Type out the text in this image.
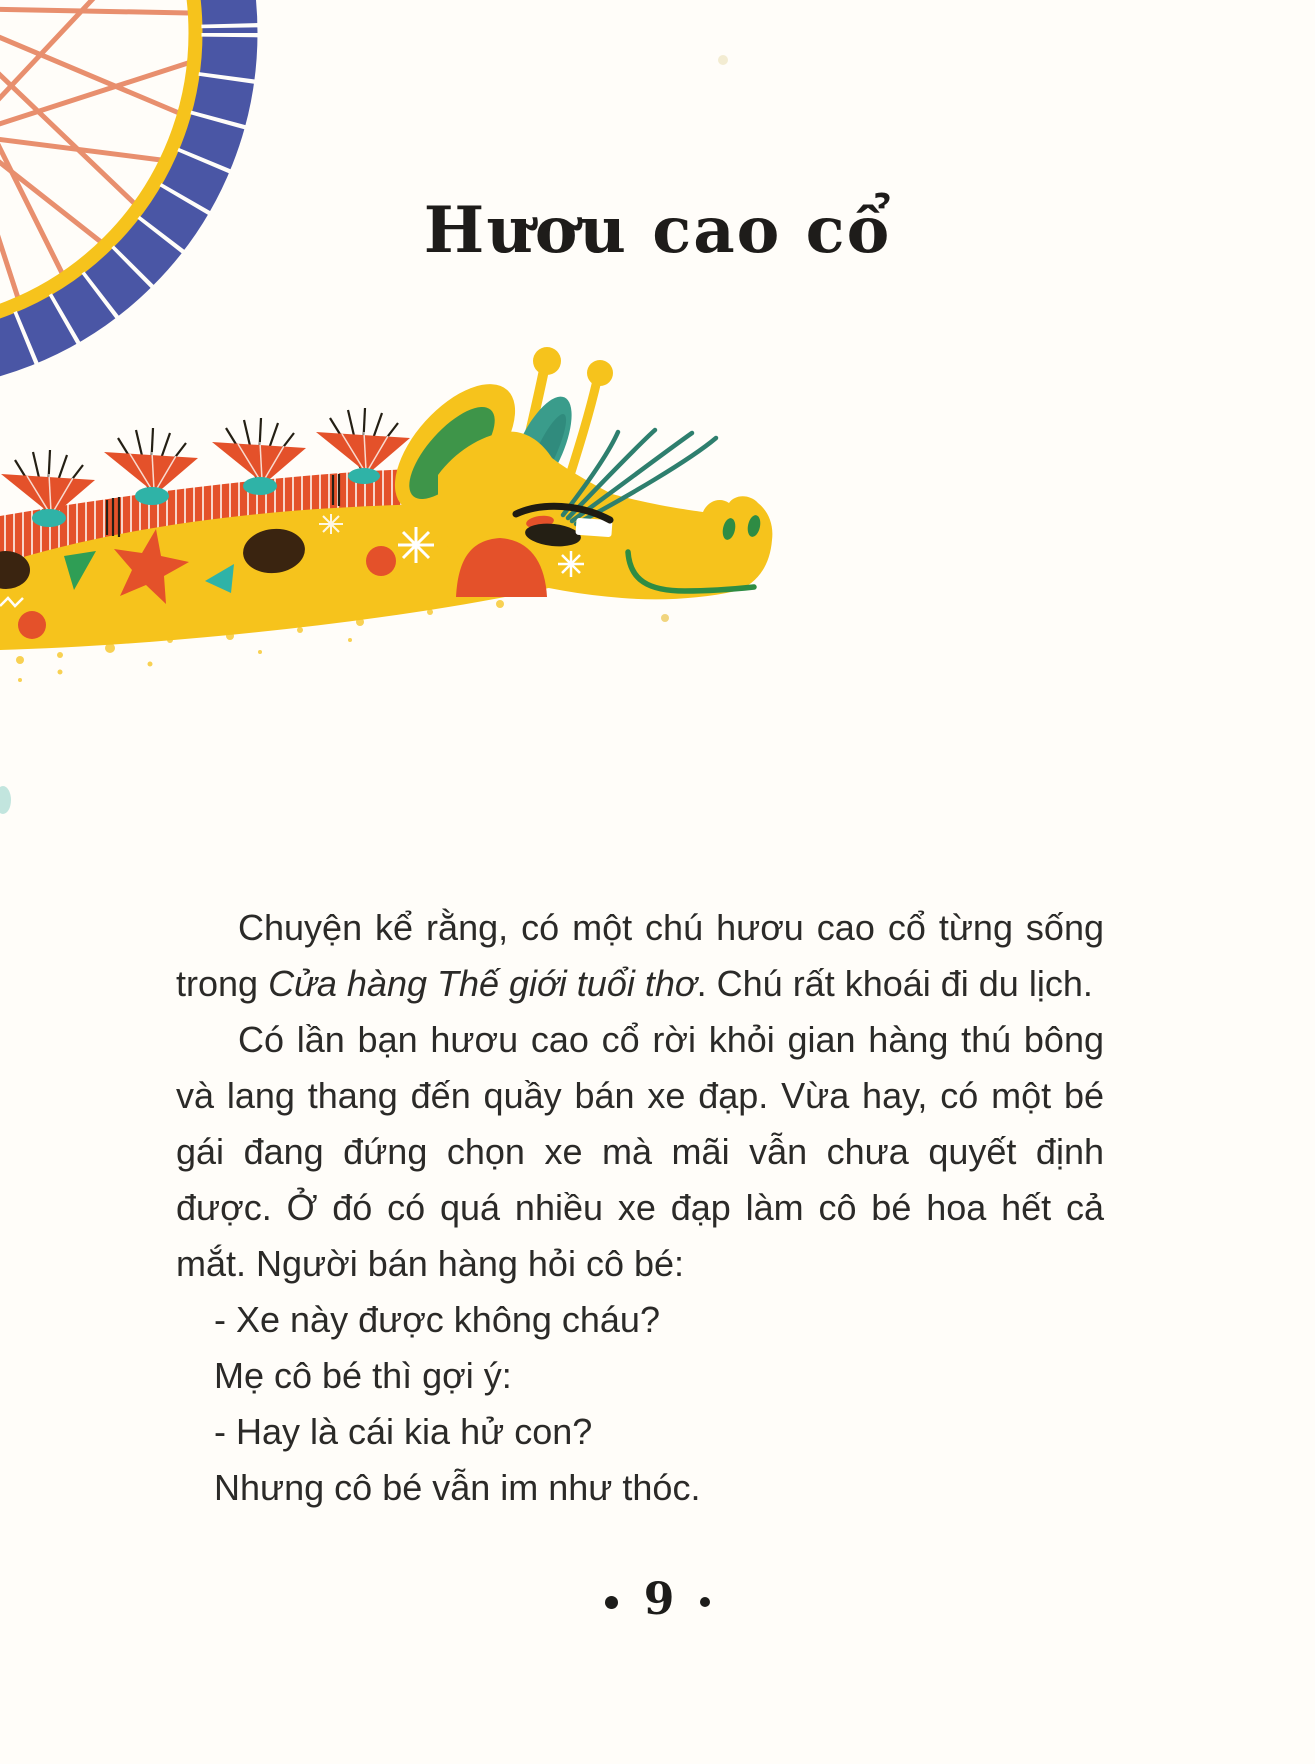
Hươu cao cổ

Chuyện kể rằng, có một chú hươu cao cổ từng sống trong Cửa hàng Thế giới tuổi thơ. Chú rất khoái đi du lịch.

Có lần bạn hươu cao cổ rời khỏi gian hàng thú bông và lang thang đến quầy bán xe đạp. Vừa hay, có một bé gái đang đứng chọn xe mà mãi vẫn chưa quyết định được. Ở đó có quá nhiều xe đạp làm cô bé hoa hết cả mắt. Người bán hàng hỏi cô bé:

- Xe này được không cháu?

Mẹ cô bé thì gợi ý:

- Hay là cái kia hử con?

Nhưng cô bé vẫn im như thóc.

9
